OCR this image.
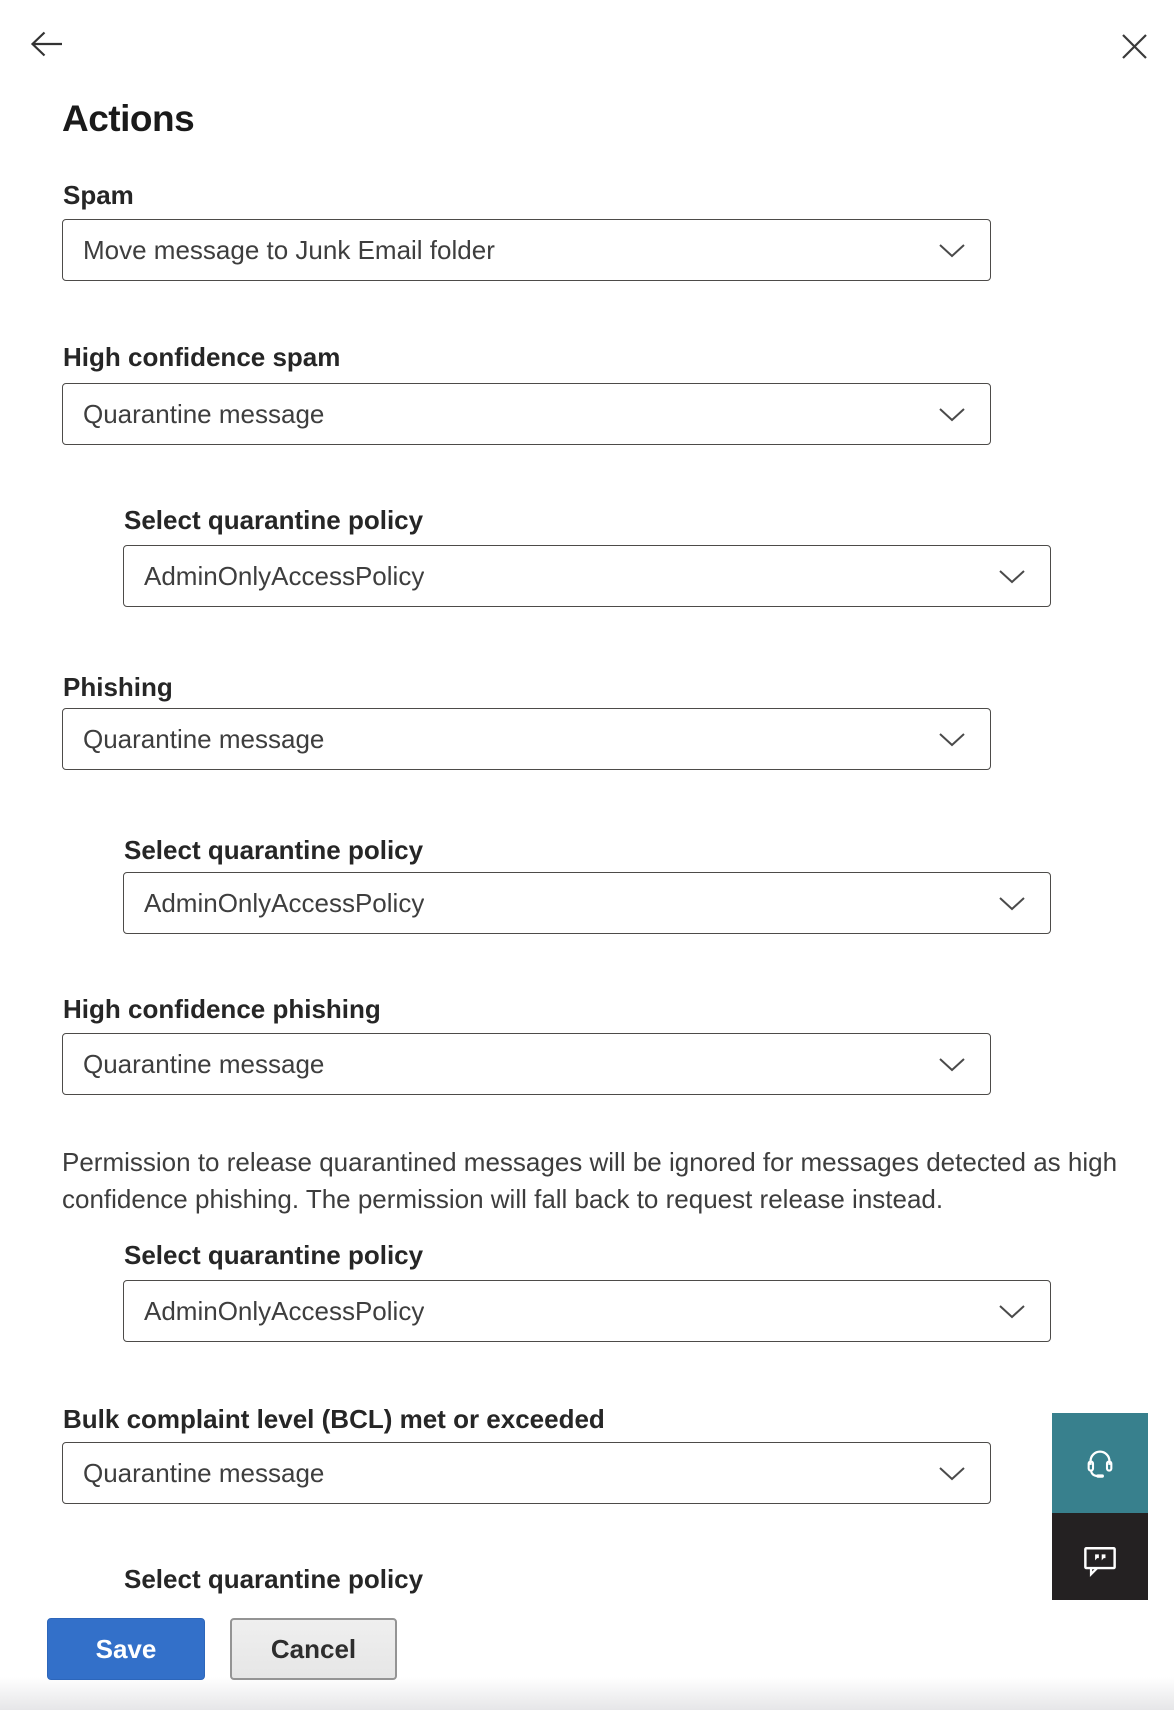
Actions
Spam
Move message to Junk Email folder
High confidence spam
Quarantine message
Select quarantine policy
AdminOnlyAccessPolicy
Phishing
Quarantine message
Select quarantine policy
AdminOnlyAccessPolicy
High confidence phishing
Quarantine message

Permission to release quarantined messages will be ignored for messages detected as high confidence phishing. The permission will fall back to request release instead.

Select quarantine policy
AdminOnlyAccessPolicy
Bulk complaint level (BCL) met or exceeded
Quarantine message
Select quarantine policy
Save	Cancel
